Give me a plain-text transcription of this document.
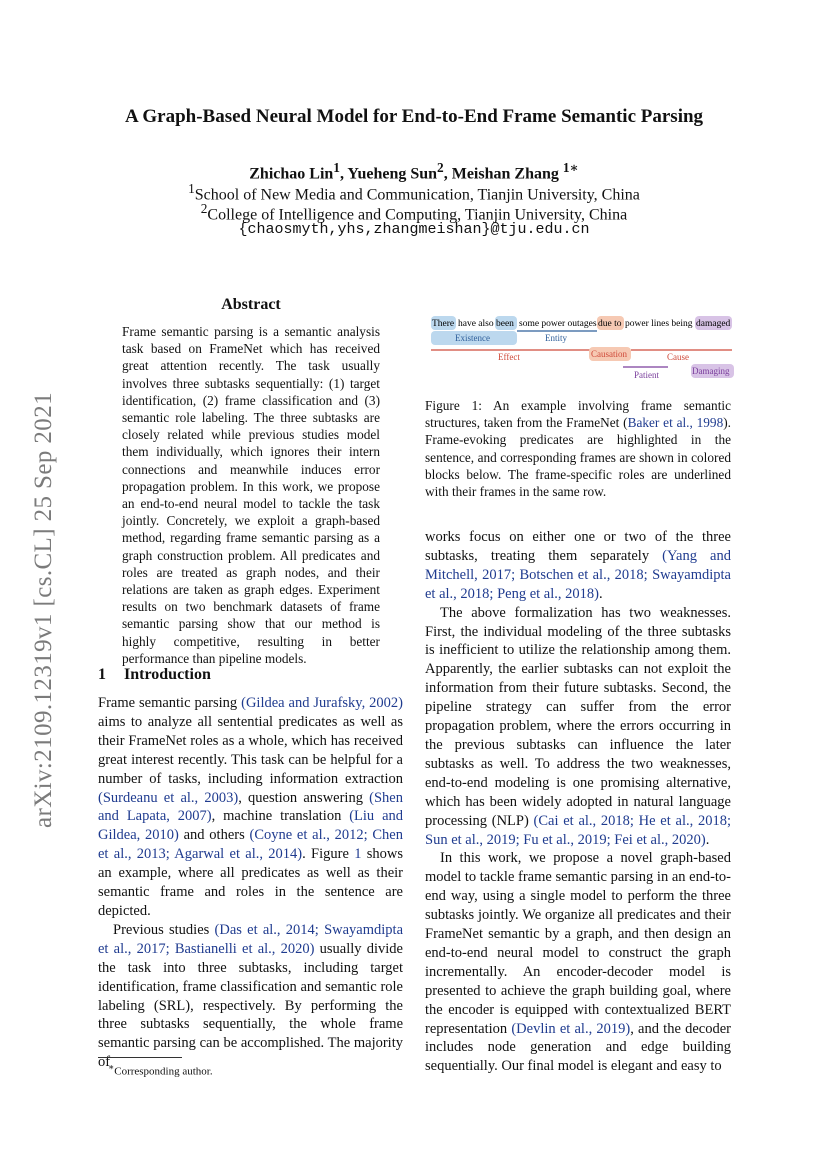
arXiv:2109.12319v1 [cs.CL] 25 Sep 2021
A Graph-Based Neural Model for End-to-End Frame Semantic Parsing
Zhichao Lin$^1$, Yueheng Sun$^2$, Meishan Zhang $^{1∗}$
$^1$School of New Media and Communication, Tianjin University, China
$^2$College of Intelligence and Computing, Tianjin University, China
{chaosmyth,yhs,zhangmeishan}@tju.edu.cn
Abstract
Frame semantic parsing is a semantic analysis task based on FrameNet which has received great attention recently. The task usually involves three subtasks sequentially: (1) target identification, (2) frame classification and (3) semantic role labeling. The three subtasks are closely related while previous studies model them individually, which ignores their intern connections and meanwhile induces error propagation problem. In this work, we propose an end-to-end neural model to tackle the task jointly. Concretely, we exploit a graph-based method, regarding frame semantic parsing as a graph construction problem. All predicates and roles are treated as graph nodes, and their relations are taken as graph edges. Experiment results on two benchmark datasets of frame semantic parsing show that our method is highly competitive, resulting in better performance than pipeline models.
There have also been some power outages due to power lines being damaged
Existence	Entity
Effect	Causation	Cause
Patient	Damaging
Figure 1: An example involving frame semantic structures, taken from the FrameNet (Baker et al., 1998). Frame-evoking predicates are highlighted in the sentence, and corresponding frames are shown in colored blocks below. The frame-specific roles are underlined with their frames in the same row.
1 Introduction

Frame semantic parsing (Gildea and Jurafsky, 2002) aims to analyze all sentential predicates as well as their FrameNet roles as a whole, which has received great interest recently. This task can be helpful for a number of tasks, including information extraction (Surdeanu et al., 2003), question answering (Shen and Lapata, 2007), machine translation (Liu and Gildea, 2010) and others (Coyne et al., 2012; Chen et al., 2013; Agarwal et al., 2014). Figure 1 shows an example, where all predicates as well as their semantic frame and roles in the sentence are depicted.

Previous studies (Das et al., 2014; Swayamdipta et al., 2017; Bastianelli et al., 2020) usually divide the task into three subtasks, including target identification, frame classification and semantic role labeling (SRL), respectively. By performing the three subtasks sequentially, the whole frame semantic parsing can be accomplished. The majority of

works focus on either one or two of the three subtasks, treating them separately (Yang and Mitchell, 2017; Botschen et al., 2018; Swayamdipta et al., 2018; Peng et al., 2018).

The above formalization has two weaknesses. First, the individual modeling of the three subtasks is inefficient to utilize the relationship among them. Apparently, the earlier subtasks can not exploit the information from their future subtasks. Second, the pipeline strategy can suffer from the error propagation problem, where the errors occurring in the previous subtasks can influence the later subtasks as well. To address the two weaknesses, end-to-end modeling is one promising alternative, which has been widely adopted in natural language processing (NLP) (Cai et al., 2018; He et al., 2018; Sun et al., 2019; Fu et al., 2019; Fei et al., 2020).

In this work, we propose a novel graph-based model to tackle frame semantic parsing in an end-to-end way, using a single model to perform the three subtasks jointly. We organize all predicates and their FrameNet semantic by a graph, and then design an end-to-end neural model to construct the graph incrementally. An encoder-decoder model is presented to achieve the graph building goal, where the encoder is equipped with contextualized BERT representation (Devlin et al., 2019), and the decoder includes node generation and edge building sequentially. Our final model is elegant and easy to

∗Corresponding author.
